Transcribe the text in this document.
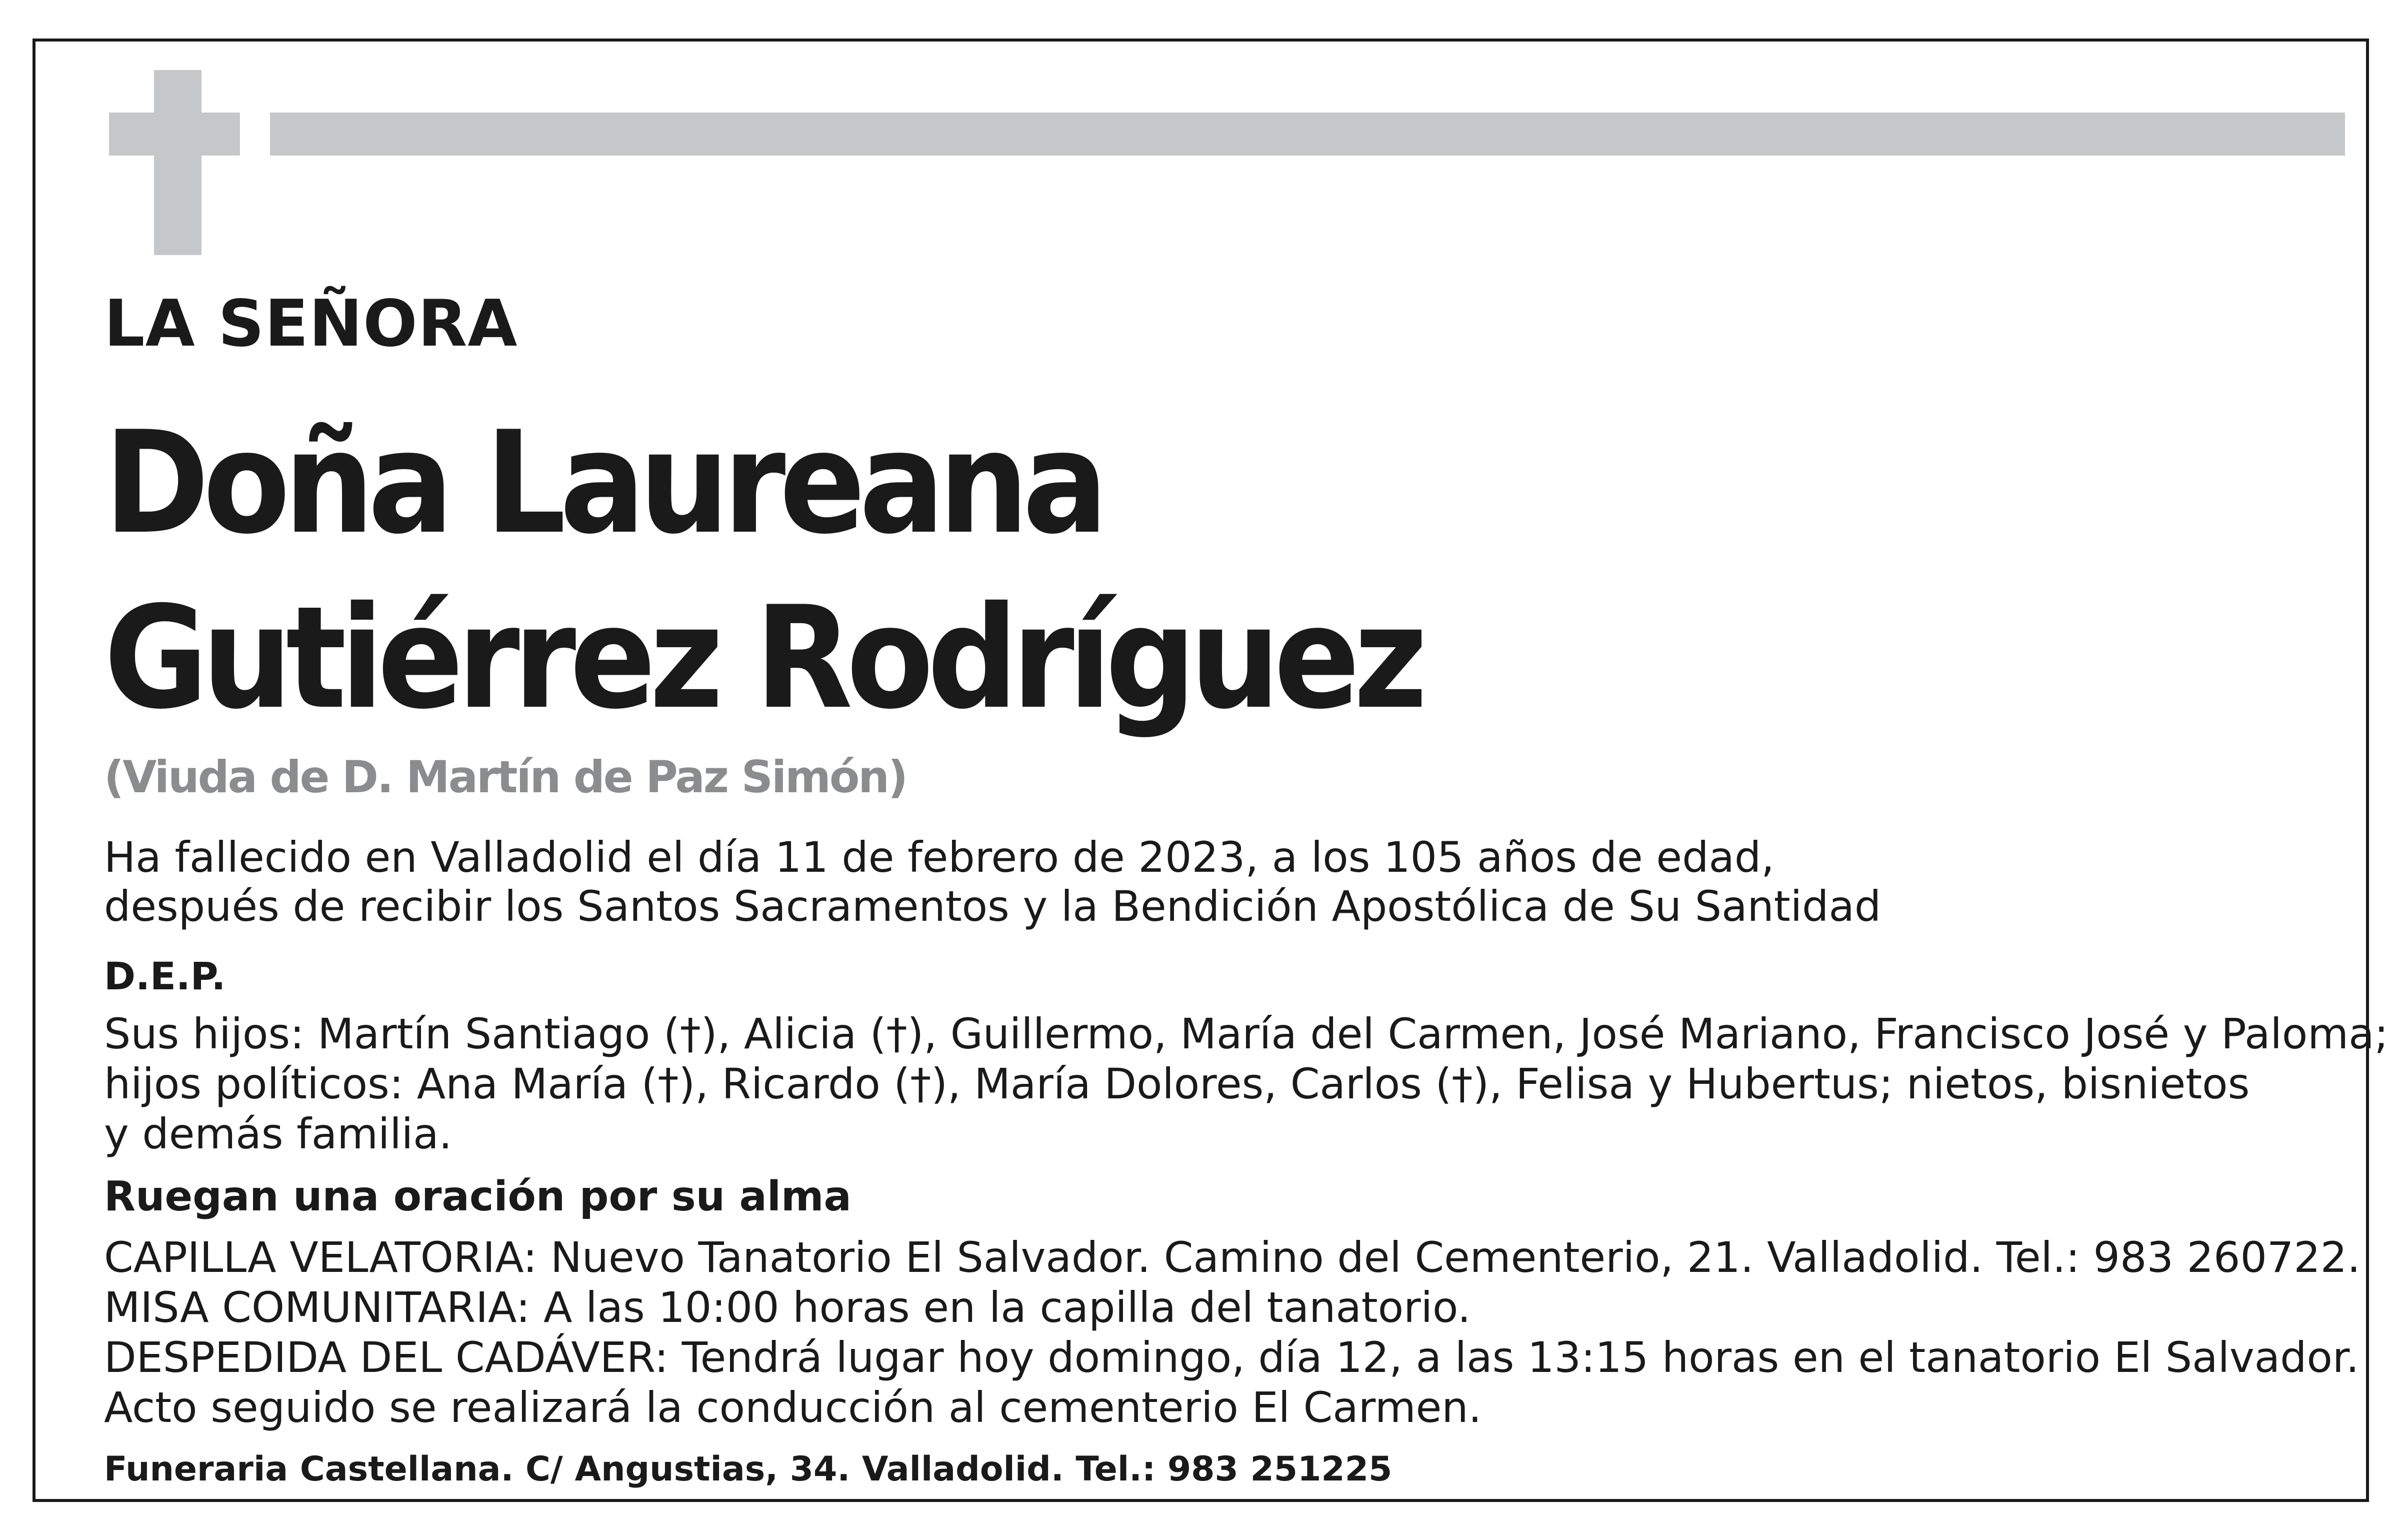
LA SEÑORA
Doña Laureana
Gutiérrez Rodríguez
(Viuda de D. Martín de Paz Simón)
Ha fallecido en Valladolid el día 11 de febrero de 2023, a los 105 años de edad,
después de recibir los Santos Sacramentos y la Bendición Apostólica de Su Santidad
D.E.P.
Sus hijos: Martín Santiago (†), Alicia (†), Guillermo, María del Carmen, José Mariano, Francisco José y Paloma;
hijos políticos: Ana María (†), Ricardo (†), María Dolores, Carlos (†), Felisa y Hubertus; nietos, bisnietos
y demás familia.
Ruegan una oración por su alma
CAPILLA VELATORIA: Nuevo Tanatorio El Salvador. Camino del Cementerio, 21. Valladolid. Tel.: 983 260722.
MISA COMUNITARIA: A las 10:00 horas en la capilla del tanatorio.
DESPEDIDA DEL CADÁVER: Tendrá lugar hoy domingo, día 12, a las 13:15 horas en el tanatorio El Salvador.
Acto seguido se realizará la conducción al cementerio El Carmen.
Funeraria Castellana. C/ Angustias, 34. Valladolid. Tel.: 983 251225
